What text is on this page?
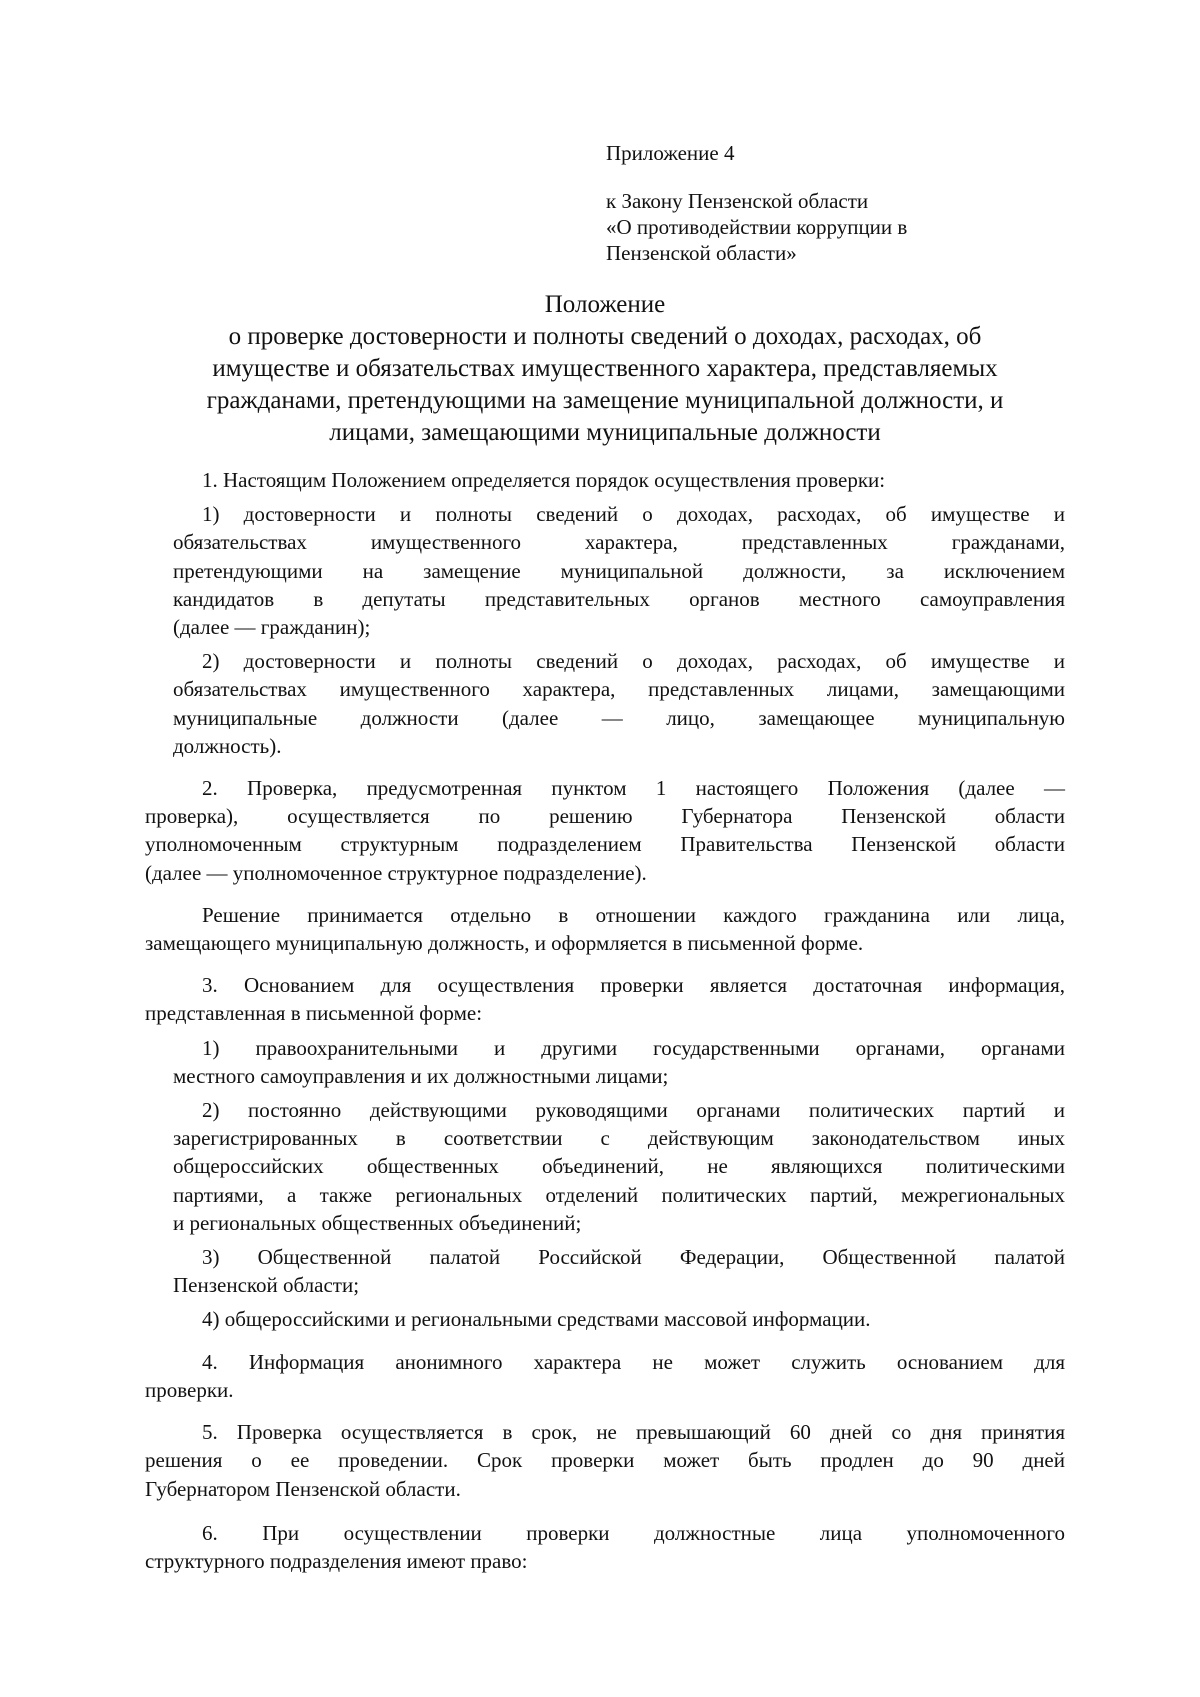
Приложение 4
к Закону Пензенской области
«О противодействии коррупции в
Пензенской области»
Положение
о проверке достоверности и полноты сведений о доходах, расходах, об
имуществе и обязательствах имущественного характера, представляемых
гражданами, претендующими на замещение муниципальной должности, и
лицами, замещающими муниципальные должности
1. Настоящим Положением определяется порядок осуществления проверки:
1) достоверности и полноты сведений о доходах, расходах, об имуществе и
обязательствах имущественного характера, представленных гражданами,
претендующими на замещение муниципальной должности, за исключением
кандидатов в депутаты представительных органов местного самоуправления
(далее — гражданин);
2) достоверности и полноты сведений о доходах, расходах, об имуществе и
обязательствах имущественного характера, представленных лицами, замещающими
муниципальные должности (далее — лицо, замещающее муниципальную
должность).
2. Проверка, предусмотренная пунктом 1 настоящего Положения (далее —
проверка), осуществляется по решению Губернатора Пензенской области
уполномоченным структурным подразделением Правительства Пензенской области
(далее — уполномоченное структурное подразделение).
Решение принимается отдельно в отношении каждого гражданина или лица,
замещающего муниципальную должность, и оформляется в письменной форме.
3. Основанием для осуществления проверки является достаточная информация,
представленная в письменной форме:
1) правоохранительными и другими государственными органами, органами
местного самоуправления и их должностными лицами;
2) постоянно действующими руководящими органами политических партий и
зарегистрированных в соответствии с действующим законодательством иных
общероссийских общественных объединений, не являющихся политическими
партиями, а также региональных отделений политических партий, межрегиональных
и региональных общественных объединений;
3) Общественной палатой Российской Федерации, Общественной палатой
Пензенской области;
4) общероссийскими и региональными средствами массовой информации.
4. Информация анонимного характера не может служить основанием для
проверки.
5. Проверка осуществляется в срок, не превышающий 60 дней со дня принятия
решения о ее проведении. Срок проверки может быть продлен до 90 дней
Губернатором Пензенской области.
6. При осуществлении проверки должностные лица уполномоченного
структурного подразделения имеют право:
